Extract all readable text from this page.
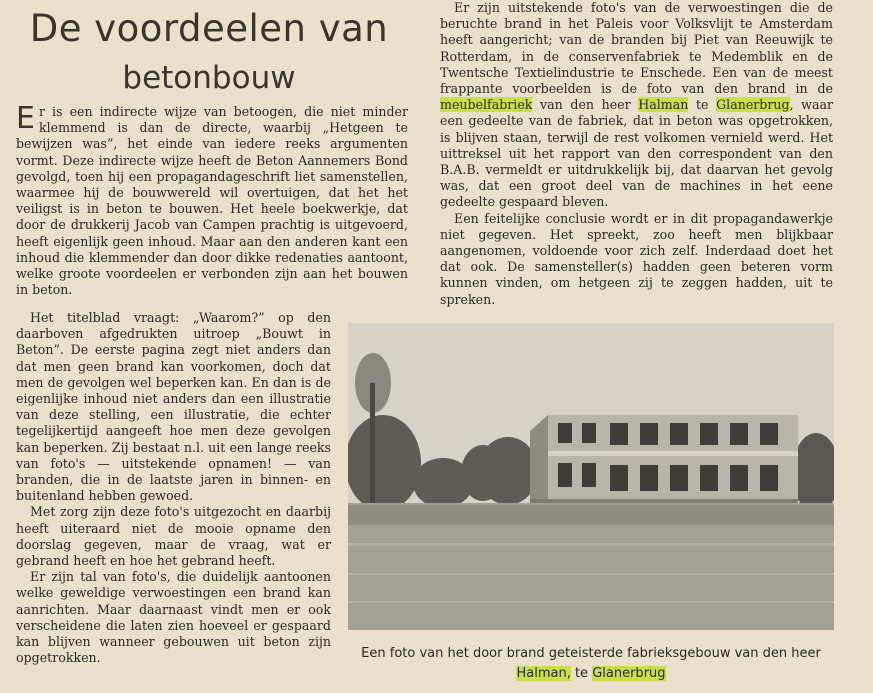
De voordeelen van
betonbouw

Er is een indirecte wijze van betoogen, die niet minder klemmend is dan de directe, waarbij „Hetgeen te bewijzen was”, het einde van iedere reeks argumenten vormt. Deze indirecte wijze heeft de Beton Aannemers Bond gevolgd, toen hij een propagandageschrift liet samenstellen, waarmee hij de bouwwereld wil overtuigen, dat het het veiligst is in beton te bouwen. Het heele boekwerkje, dat door de drukkerij Jacob van Campen prachtig is uitgevoerd, heeft eigenlijk geen inhoud. Maar aan den anderen kant een inhoud die klemmender dan door dikke redenaties aantoont, welke groote voordeelen er verbonden zijn aan het bouwen in beton.

Het titelblad vraagt: „Waarom?” op den daarboven afgedrukten uitroep „Bouwt in Beton”. De eerste pagina zegt niet anders dan dat men geen brand kan voorkomen, doch dat men de gevolgen wel beperken kan. En dan is de eigenlijke inhoud niet anders dan een illustratie van deze stelling, een illustratie, die echter tegelijkertijd aangeeft hoe men deze gevolgen kan beperken. Zij bestaat n.l. uit een lange reeks van foto's — uitstekende opnamen! — van branden, die in de laatste jaren in binnen- en buitenland hebben gewoed.

Met zorg zijn deze foto's uitgezocht en daarbij heeft uiteraard niet de mooie opname den doorslag gegeven, maar de vraag, wat er gebrand heeft en hoe het gebrand heeft.

Er zijn tal van foto's, die duidelijk aantoonen welke geweldige verwoestingen een brand kan aanrichten. Maar daarnaast vindt men er ook verscheidene die laten zien hoeveel er gespaard kan blijven wanneer gebouwen uit beton zijn opgetrokken.

Er zijn uitstekende foto's van de verwoestingen die de beruchte brand in het Paleis voor Volksvlijt te Amsterdam heeft aangericht; van de branden bij Piet van Reeuwijk te Rotterdam, in de conservenfabriek te Medemblik en de Twentsche Textielindustrie te Enschede. Een van de meest frappante voorbeelden is de foto van den brand in de meubelfabriek van den heer Halman te Glanerbrug, waar een gedeelte van de fabriek, dat in beton was opgetrokken, is blijven staan, terwijl de rest volkomen vernield werd. Het uittreksel uit het rapport van den correspondent van den B.A.B. vermeldt er uitdrukkelijk bij, dat daarvan het gevolg was, dat een groot deel van de machines in het eene gedeelte gespaard bleven.

Een feitelijke conclusie wordt er in dit propagandawerkje niet gegeven. Het spreekt, zoo heeft men blijkbaar aangenomen, voldoende voor zich zelf. Inderdaad doet het dat ook. De samensteller(s) hadden geen beteren vorm kunnen vinden, om hetgeen zij te zeggen hadden, uit te spreken.

Een foto van het door brand geteisterde fabrieksgebouw van den heer Halman, te Glanerbrug
